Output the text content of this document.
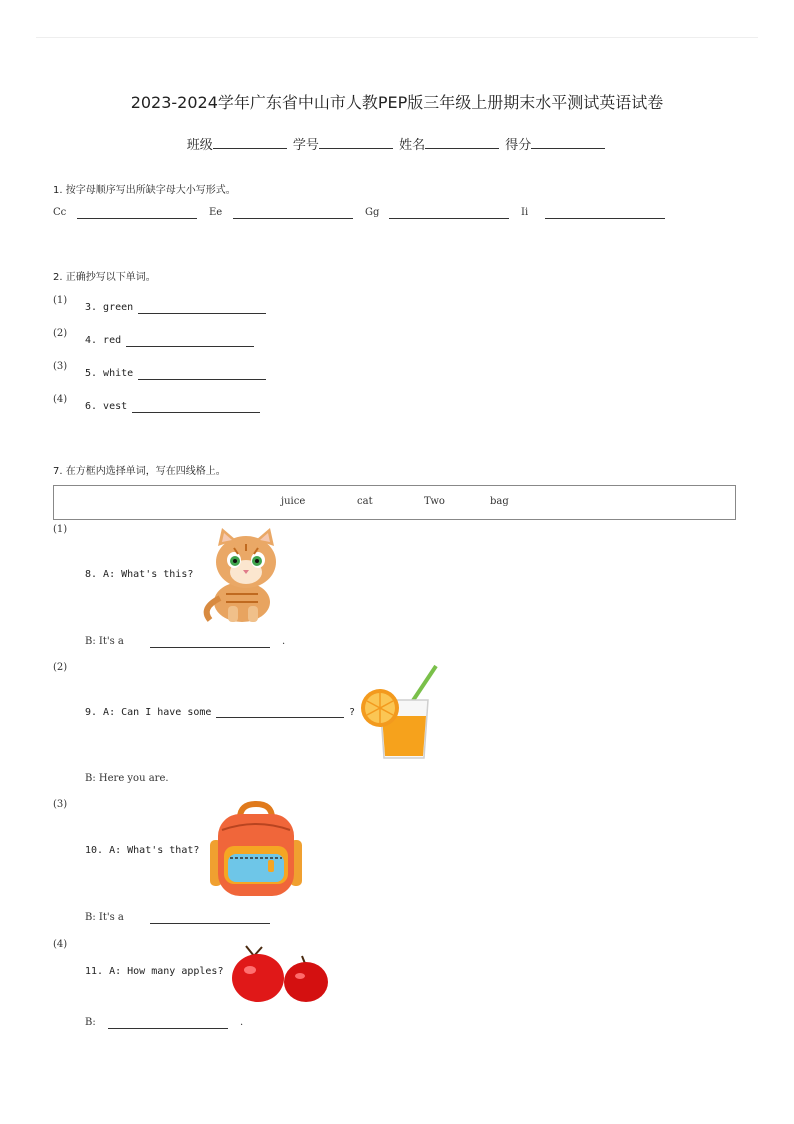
2023-2024学年广东省中山市人教PEP版三年级上册期末水平测试英语试卷
班级	学号	姓名	得分
1. 按字母顺序写出所缺字母大小写形式。
Cc	Ee	Gg	Ii
2. 正确抄写以下单词。
(1)
3. green
(2)
4. red
(3)
5. white
(4)
6. vest
7. 在方框内选择单词，写在四线格上。
juice	cat	Two	bag
(1)
8. A: What's this?
B: It's a	.
(2)
9. A: Can I have some	?
B: Here you are.
(3)
10. A: What's that?
B: It's a
(4)
11. A: How many apples?
B:	.
